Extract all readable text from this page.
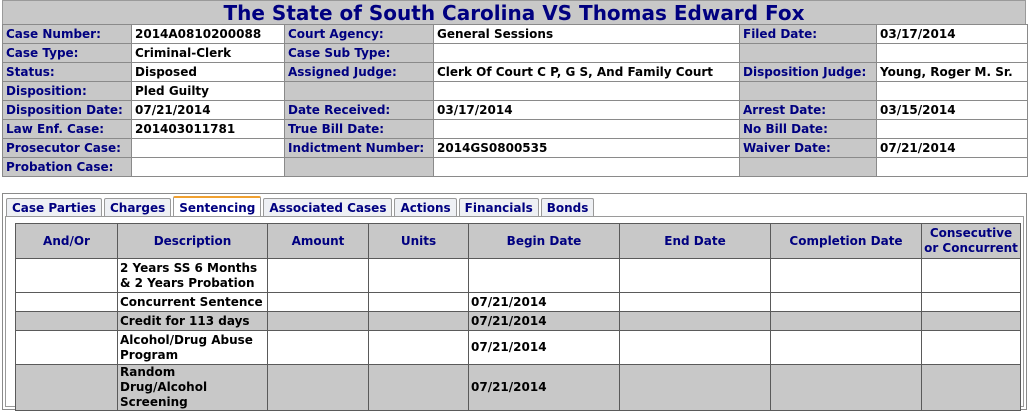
The State of South Carolina VS Thomas Edward Fox
Case Number:	2014A0810200088	Court Agency:	General Sessions	Filed Date:	03/17/2014
Case Type:	Criminal-Clerk	Case Sub Type:			
Status:	Disposed	Assigned Judge:	Clerk Of Court C P, G S, And Family Court	Disposition Judge:	Young, Roger M. Sr.
Disposition:	Pled Guilty				
Disposition Date:	07/21/2014	Date Received:	03/17/2014	Arrest Date:	03/15/2014
Law Enf. Case:	201403011781	True Bill Date:		No Bill Date:	
Prosecutor Case:		Indictment Number:	2014GS0800535	Waiver Date:	07/21/2014
Probation Case:					
Case Parties	Charges	Sentencing	Associated Cases	Actions	Financials	Bonds
And/Or	Description	Amount	Units	Begin Date	End Date	Completion Date	Consecutive or Concurrent
	2 Years SS 6 Months & 2 Years Probation						
	Concurrent Sentence			07/21/2014			
	Credit for 113 days			07/21/2014			
	Alcohol/Drug Abuse Program			07/21/2014			
	Random Drug/Alcohol Screening			07/21/2014			
